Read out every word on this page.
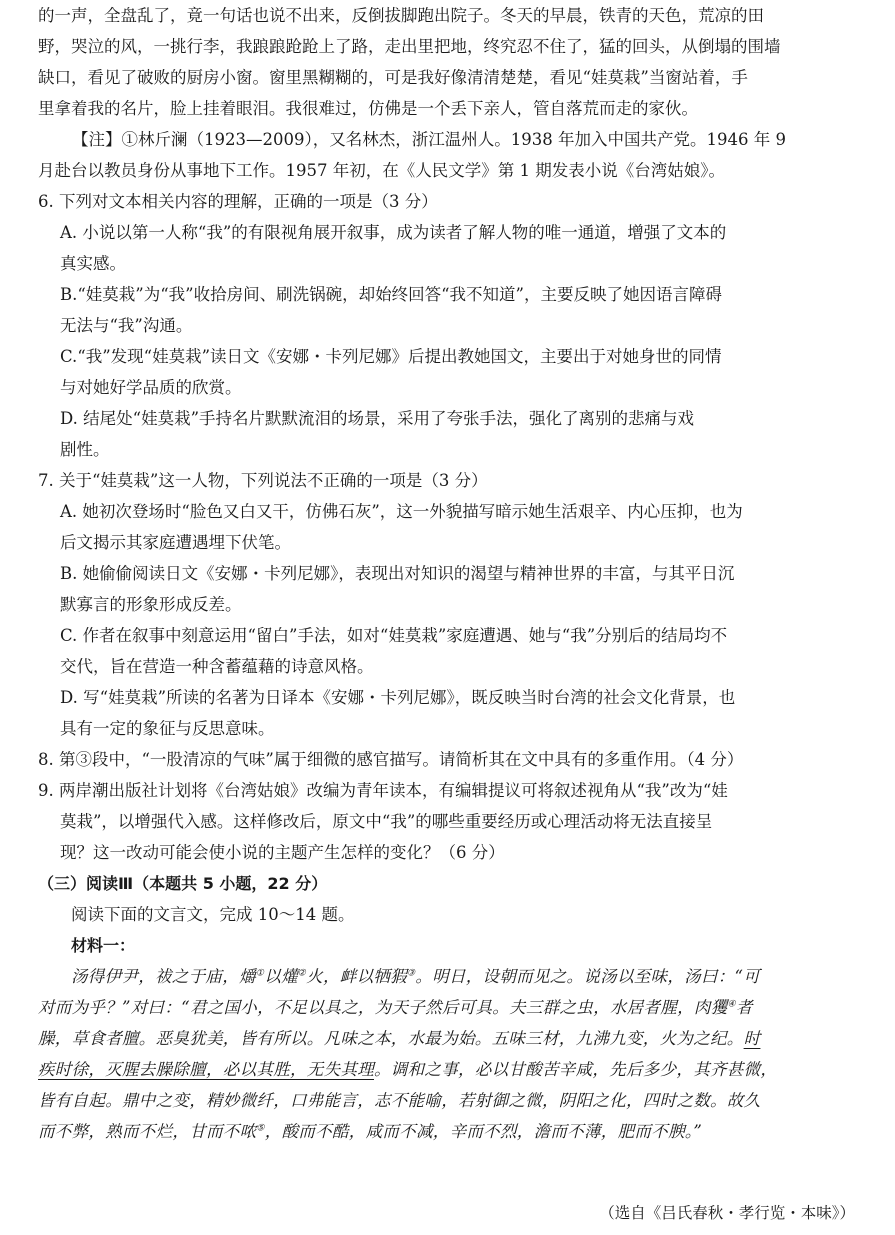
的一声，全盘乱了，竟一句话也说不出来，反倒拔脚跑出院子。冬天的早晨，铁青的天色，荒凉的田
野，哭泣的风，一挑行李，我踉踉跄跄上了路，走出里把地，终究忍不住了，猛的回头，从倒塌的围墙
缺口，看见了破败的厨房小窗。窗里黑糊糊的，可是我好像清清楚楚，看见“娃莫栽”当窗站着，手
里拿着我的名片，脸上挂着眼泪。我很难过，仿佛是一个丢下亲人，管自落荒而走的家伙。
【注】①林斤澜（1923—2009），又名林杰，浙江温州人。1938 年加入中国共产党。1946 年 9
月赴台以教员身份从事地下工作。1957 年初，在《人民文学》第 1 期发表小说《台湾姑娘》。
6. 下列对文本相关内容的理解，正确的一项是（3 分）
A. 小说以第一人称“我”的有限视角展开叙事，成为读者了解人物的唯一通道，增强了文本的
真实感。
B.“娃莫栽”为“我”收拾房间、刷洗锅碗，却始终回答“我不知道”，主要反映了她因语言障碍
无法与“我”沟通。
C.“我”发现“娃莫栽”读日文《安娜・卡列尼娜》后提出教她国文，主要出于对她身世的同情
与对她好学品质的欣赏。
D. 结尾处“娃莫栽”手持名片默默流泪的场景，采用了夸张手法，强化了离别的悲痛与戏
剧性。
7. 关于“娃莫栽”这一人物，下列说法不正确的一项是（3 分）
A. 她初次登场时“脸色又白又干，仿佛石灰”，这一外貌描写暗示她生活艰辛、内心压抑，也为
后文揭示其家庭遭遇埋下伏笔。
B. 她偷偷阅读日文《安娜・卡列尼娜》，表现出对知识的渴望与精神世界的丰富，与其平日沉
默寡言的形象形成反差。
C. 作者在叙事中刻意运用“留白”手法，如对“娃莫栽”家庭遭遇、她与“我”分别后的结局均不
交代，旨在营造一种含蓄蕴藉的诗意风格。
D. 写“娃莫栽”所读的名著为日译本《安娜・卡列尼娜》，既反映当时台湾的社会文化背景，也
具有一定的象征与反思意味。
8. 第③段中，“一股清凉的气味”属于细微的感官描写。请简析其在文中具有的多重作用。（4 分）
9. 两岸潮出版社计划将《台湾姑娘》改编为青年读本，有编辑提议可将叙述视角从“我”改为“娃
莫栽”，以增强代入感。这样修改后，原文中“我”的哪些重要经历或心理活动将无法直接呈
现？这一改动可能会使小说的主题产生怎样的变化？（6 分）
（三）阅读Ⅲ（本题共 5 小题，22 分）
阅读下面的文言文，完成 10～14 题。
材料一：
汤得伊尹，祓之于庙，爝①以爟②火，衅以牺猳③。明日，设朝而见之。说汤以至味，汤曰：“可
对而为乎？”对曰：“君之国小，不足以具之，为天子然后可具。夫三群之虫，水居者腥，肉玃④者
臊，草食者膻。恶臭犹美，皆有所以。凡味之本，水最为始。五味三材，九沸九变，火为之纪。时
疾时徐，灭腥去臊除膻，必以其胜，无失其理。调和之事，必以甘酸苦辛咸，先后多少，其齐甚微，
皆有自起。鼎中之变，精妙微纤，口弗能言，志不能喻，若射御之微，阴阳之化，四时之数。故久
而不弊，熟而不烂，甘而不哝⑤，酸而不酷，咸而不减，辛而不烈，澹而不薄，肥而不腴。”
（选自《吕氏春秋・孝行览・本味》）
